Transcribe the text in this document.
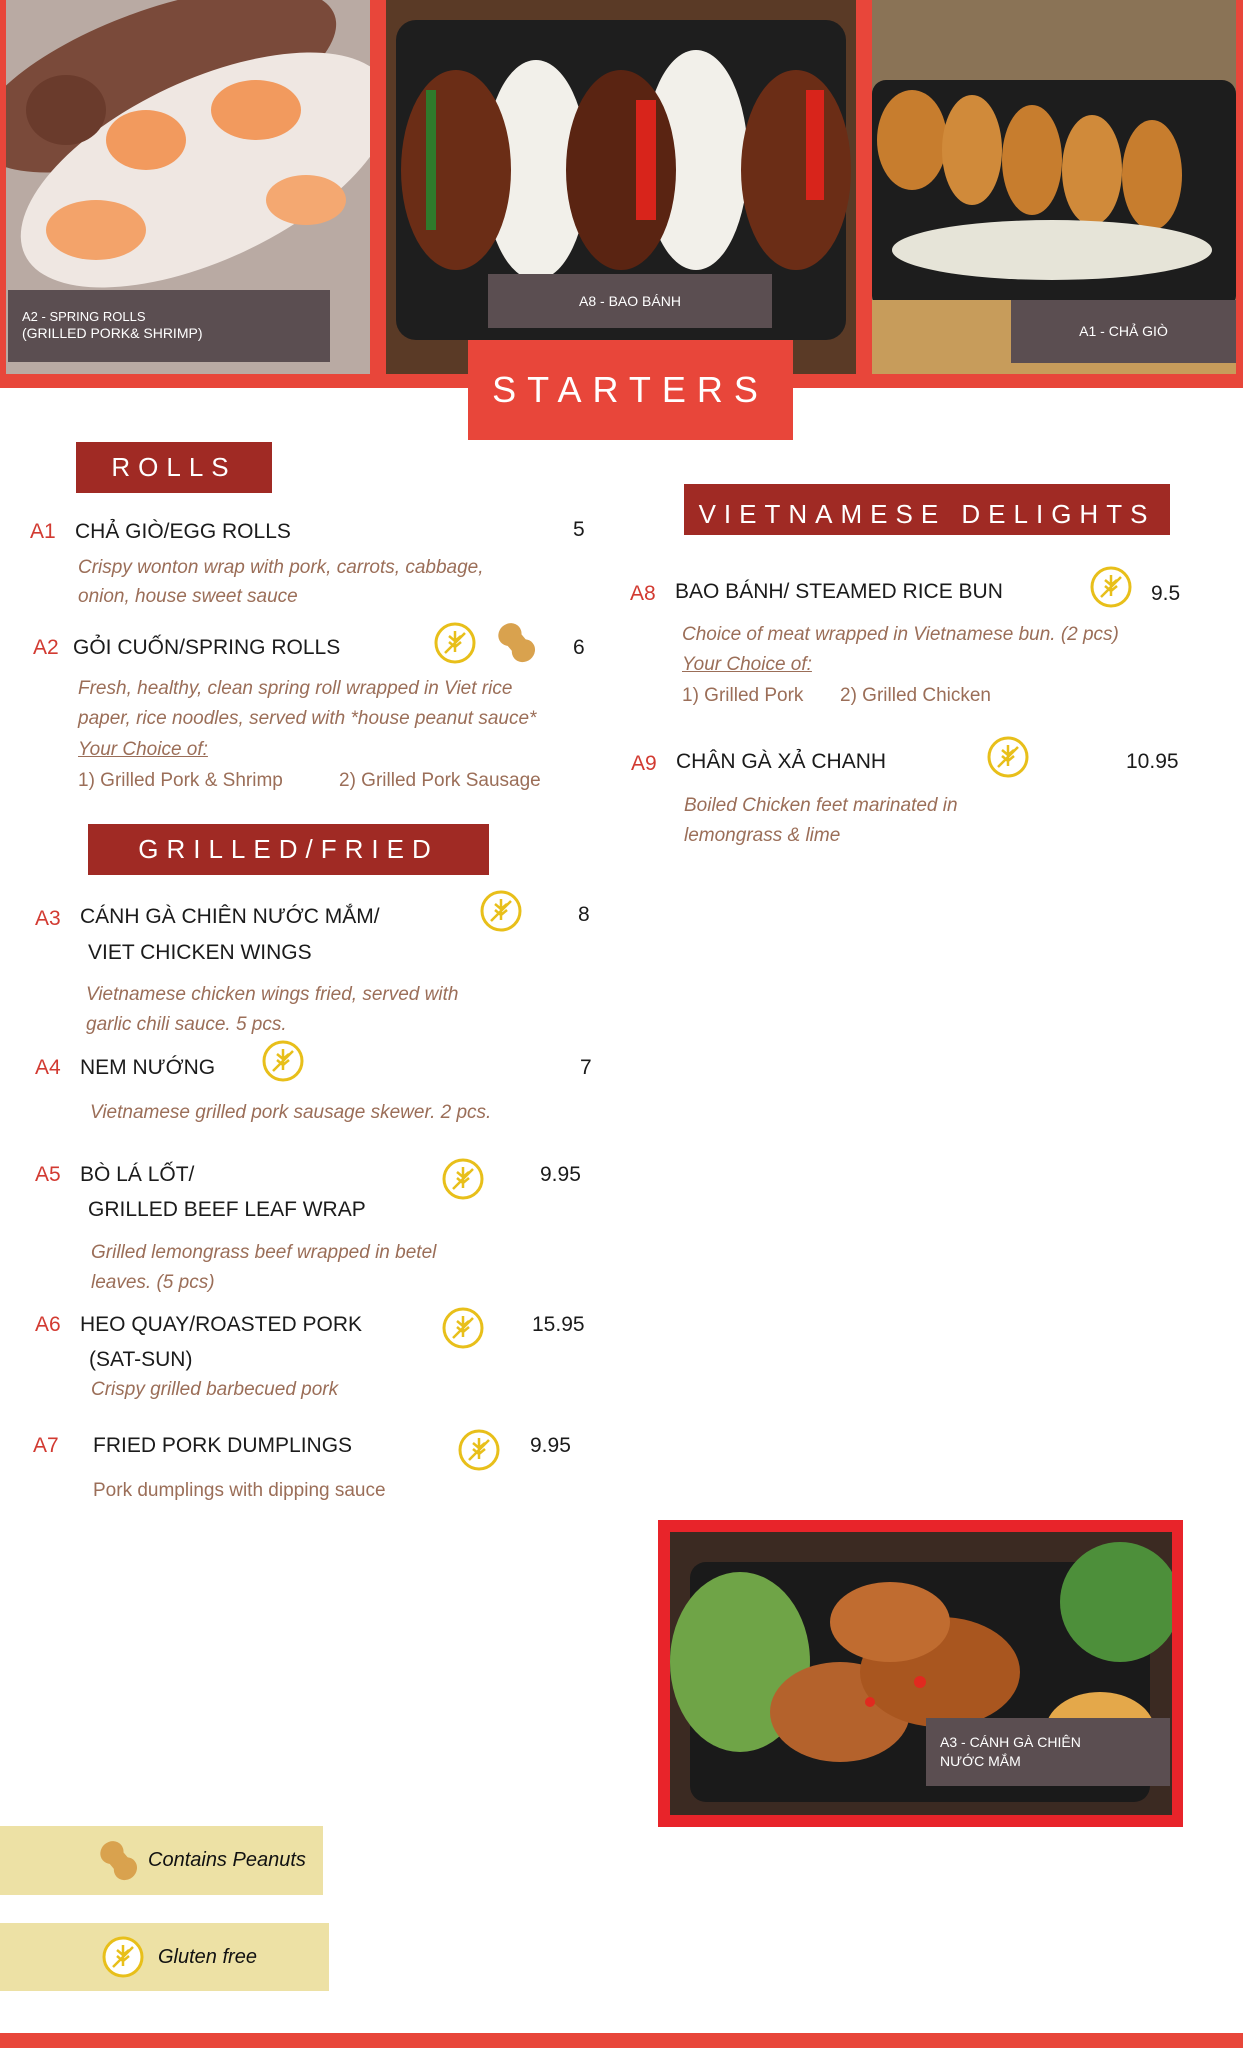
A2 - SPRING ROLLS
(GRILLED PORK& SHRIMP)
A8 - BAO BÁNH
A1 - CHẢ GIÒ
STARTERS
ROLLS
A1 CHẢ GIÒ/EGG ROLLS	5
Crispy wonton wrap with pork, carrots, cabbage,
onion, house sweet sauce
A2 GỎI CUỐN/SPRING ROLLS	6
Fresh, healthy, clean spring roll wrapped in Viet rice
paper, rice noodles, served with *house peanut sauce*
Your Choice of:
1) Grilled Pork & Shrimp	2) Grilled Pork Sausage
GRILLED/FRIED
A3 CÁNH GÀ CHIÊN NƯỚC MẮM/
VIET CHICKEN WINGS
8
Vietnamese chicken wings fried, served with
garlic chili sauce. 5 pcs.
A4 NEM NƯỚNG	7
Vietnamese grilled pork sausage skewer. 2 pcs.
A5 BÒ LÁ LỐT/
GRILLED BEEF LEAF WRAP
9.95
Grilled lemongrass beef wrapped in betel
leaves. (5 pcs)
A6 HEO QUAY/ROASTED PORK
(SAT-SUN)
15.95
Crispy grilled barbecued pork
A7 FRIED PORK DUMPLINGS	9.95
Pork dumplings with dipping sauce
VIETNAMESE DELIGHTS
A8 BAO BÁNH/ STEAMED RICE BUN	9.5
Choice of meat wrapped in Vietnamese bun. (2 pcs)
Your Choice of:
1) Grilled Pork 2) Grilled Chicken
A9 CHÂN GÀ XẢ CHANH	10.95
Boiled Chicken feet marinated in
lemongrass & lime
A3 - CÁNH GÀ CHIÊN
NƯỚC MẮM
Contains Peanuts
Gluten free
